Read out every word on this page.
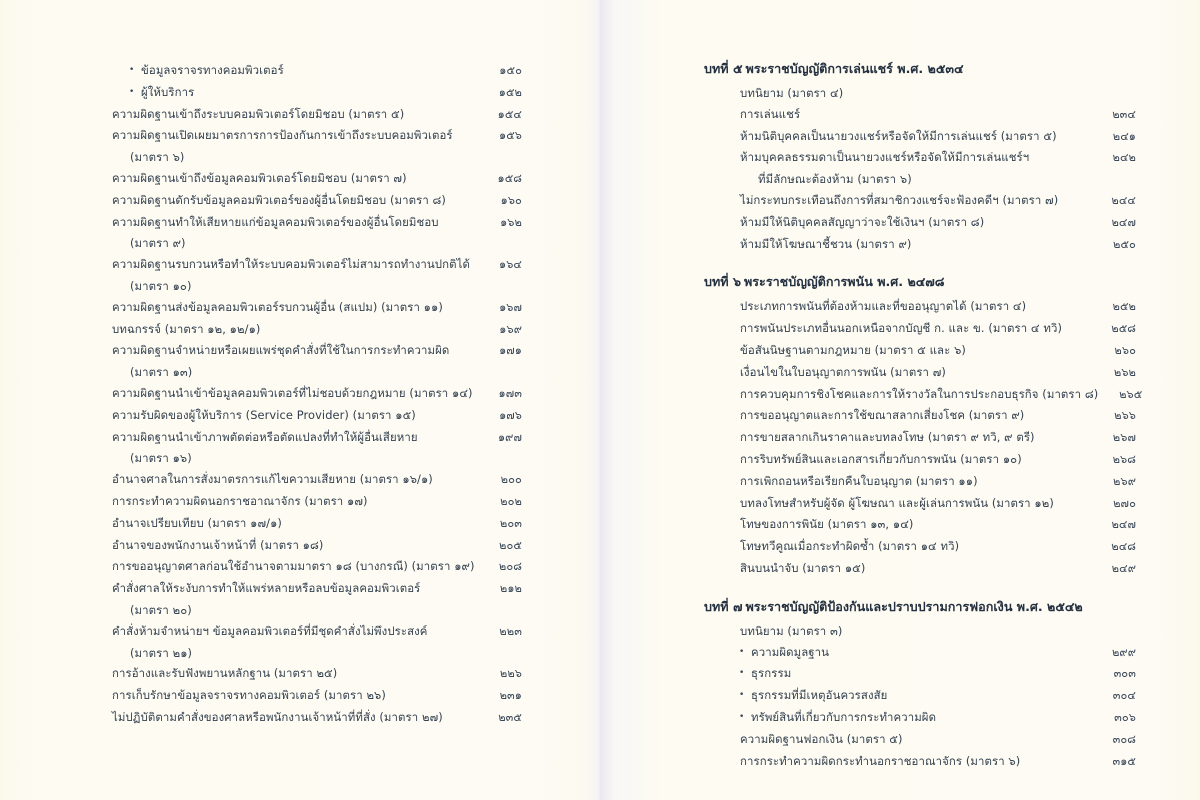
• ข้อมูลจราจรทางคอมพิวเตอร์	๑๕๐
• ผู้ให้บริการ	๑๕๒
ความผิดฐานเข้าถึงระบบคอมพิวเตอร์โดยมิชอบ (มาตรา ๕)	๑๕๔
ความผิดฐานเปิดเผยมาตรการการป้องกันการเข้าถึงระบบคอมพิวเตอร์	๑๕๖
(มาตรา ๖)
ความผิดฐานเข้าถึงข้อมูลคอมพิวเตอร์โดยมิชอบ (มาตรา ๗)	๑๕๘
ความผิดฐานดักรับข้อมูลคอมพิวเตอร์ของผู้อื่นโดยมิชอบ (มาตรา ๘)	๑๖๐
ความผิดฐานทำให้เสียหายแก่ข้อมูลคอมพิวเตอร์ของผู้อื่นโดยมิชอบ	๑๖๒
(มาตรา ๙)
ความผิดฐานรบกวนหรือทำให้ระบบคอมพิวเตอร์ไม่สามารถทำงานปกติได้	๑๖๔
(มาตรา ๑๐)
ความผิดฐานส่งข้อมูลคอมพิวเตอร์รบกวนผู้อื่น (สแปม) (มาตรา ๑๑)	๑๖๗
บทฉกรรจ์ (มาตรา ๑๒, ๑๒/๑)	๑๖๙
ความผิดฐานจำหน่ายหรือเผยแพร่ชุดคำสั่งที่ใช้ในการกระทำความผิด	๑๗๑
(มาตรา ๑๓)
ความผิดฐานนำเข้าข้อมูลคอมพิวเตอร์ที่ไม่ชอบด้วยกฎหมาย (มาตรา ๑๔)	๑๗๓
ความรับผิดของผู้ให้บริการ (Service Provider) (มาตรา ๑๕)	๑๗๖
ความผิดฐานนำเข้าภาพตัดต่อหรือตัดแปลงที่ทำให้ผู้อื่นเสียหาย	๑๙๗
(มาตรา ๑๖)
อำนาจศาลในการสั่งมาตรการแก้ไขความเสียหาย (มาตรา ๑๖/๑)	๒๐๐
การกระทำความผิดนอกราชอาณาจักร (มาตรา ๑๗)	๒๐๒
อำนาจเปรียบเทียบ (มาตรา ๑๗/๑)	๒๐๓
อำนาจของพนักงานเจ้าหน้าที่ (มาตรา ๑๘)	๒๐๕
การขออนุญาตศาลก่อนใช้อำนาจตามมาตรา ๑๘ (บางกรณี) (มาตรา ๑๙)	๒๐๘
คำสั่งศาลให้ระงับการทำให้แพร่หลายหรือลบข้อมูลคอมพิวเตอร์	๒๑๒
(มาตรา ๒๐)
คำสั่งห้ามจำหน่ายฯ ข้อมูลคอมพิวเตอร์ที่มีชุดคำสั่งไม่พึงประสงค์	๒๒๓
(มาตรา ๒๑)
การอ้างและรับฟังพยานหลักฐาน (มาตรา ๒๕)	๒๒๖
การเก็บรักษาข้อมูลจราจรทางคอมพิวเตอร์ (มาตรา ๒๖)	๒๓๑
ไม่ปฏิบัติตามคำสั่งของศาลหรือพนักงานเจ้าหน้าที่ที่สั่ง (มาตรา ๒๗)	๒๓๕
บทที่ ๕ พระราชบัญญัติการเล่นแชร์ พ.ศ. ๒๕๓๔
บทนิยาม (มาตรา ๔)
การเล่นแชร์	๒๓๔
ห้ามนิติบุคคลเป็นนายวงแชร์หรือจัดให้มีการเล่นแชร์ (มาตรา ๕)	๒๔๑
ห้ามบุคคลธรรมดาเป็นนายวงแชร์หรือจัดให้มีการเล่นแชร์ฯ	๒๔๒
ที่มีลักษณะต้องห้าม (มาตรา ๖)
ไม่กระทบกระเทือนถึงการที่สมาชิกวงแชร์จะฟ้องคดีฯ (มาตรา ๗)	๒๔๔
ห้ามมีให้นิติบุคคลสัญญาว่าจะใช้เงินฯ (มาตรา ๘)	๒๔๗
ห้ามมีให้โฆษณาชี้ชวน (มาตรา ๙)	๒๕๐
บทที่ ๖ พระราชบัญญัติการพนัน พ.ศ. ๒๔๗๘
ประเภทการพนันที่ต้องห้ามและที่ขออนุญาตได้ (มาตรา ๔)	๒๕๒
การพนันประเภทอื่นนอกเหนือจากบัญชี ก. และ ข. (มาตรา ๔ ทวิ)	๒๕๘
ข้อสันนิษฐานตามกฎหมาย (มาตรา ๕ และ ๖)	๒๖๐
เงื่อนไขในใบอนุญาตการพนัน (มาตรา ๗)	๒๖๒
การควบคุมการชิงโชคและการให้รางวัลในการประกอบธุรกิจ (มาตรา ๘)	๒๖๕
การขออนุญาตและการใช้ขณาสลากเสี่ยงโชค (มาตรา ๙)	๒๖๖
การขายสลากเกินราคาและบทลงโทษ (มาตรา ๙ ทวิ, ๙ ตรี)	๒๖๗
การริบทรัพย์สินและเอกสารเกี่ยวกับการพนัน (มาตรา ๑๐)	๒๖๘
การเพิกถอนหรือเรียกคืนใบอนุญาต (มาตรา ๑๑)	๒๖๙
บทลงโทษสำหรับผู้จัด ผู้โฆษณา และผู้เล่นการพนัน (มาตรา ๑๒)	๒๗๐
โทษของการพินัย (มาตรา ๑๓, ๑๔)	๒๔๗
โทษทวีคูณเมื่อกระทำผิดซ้ำ (มาตรา ๑๔ ทวิ)	๒๔๘
สินบนนำจับ (มาตรา ๑๕)	๒๔๙
บทที่ ๗ พระราชบัญญัติป้องกันและปราบปรามการฟอกเงิน พ.ศ. ๒๕๔๒
บทนิยาม (มาตรา ๓)
• ความผิดมูลฐาน	๒๙๙
• ธุรกรรม	๓๐๓
• ธุรกรรมที่มีเหตุอันควรสงสัย	๓๐๔
• ทรัพย์สินที่เกี่ยวกับการกระทำความผิด	๓๐๖
ความผิดฐานฟอกเงิน (มาตรา ๕)	๓๐๘
การกระทำความผิดกระทำนอกราชอาณาจักร (มาตรา ๖)	๓๑๕
